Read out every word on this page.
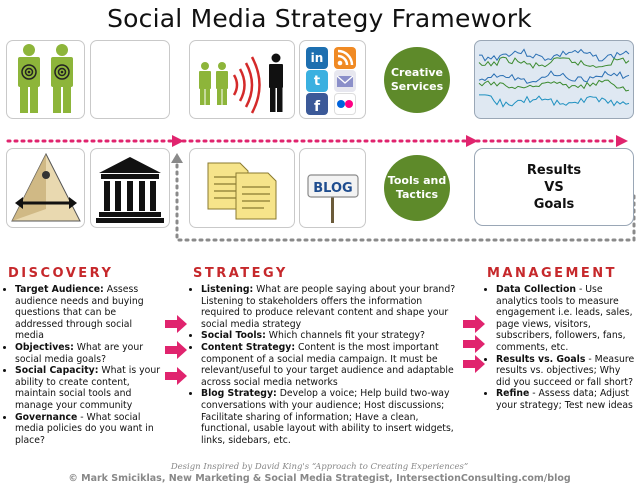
Social Media Strategy Framework
in
t
f
Creative Services
BLOG
Tools and Tactics
Results VS Goals
DISCOVERY	STRATEGY	MANAGEMENT
• Target Audience: Assess audience needs and buying questions that can be addressed through social media
• Objectives: What are your social media goals?
• Social Capacity: What is your ability to create content, maintain social tools and manage your community
• Governance - What social media policies do you want in place?
• Listening: What are people saying about your brand? Listening to stakeholders offers the information required to produce relevant content and shape your social media strategy
• Social Tools: Which channels fit your strategy?
• Content Strategy: Content is the most important component of a social media campaign. It must be relevant/useful to your target audience and adaptable across social media networks
• Blog Strategy: Develop a voice; Help build two-way conversations with your audience; Host discussions; Facilitate sharing of information; Have a clean, functional, usable layout with ability to insert widgets, links, sidebars, etc.
• Data Collection - Use analytics tools to measure engagement i.e. leads, sales, page views, visitors, subscribers, followers, fans, comments, etc.
• Results vs. Goals - Measure results vs. objectives; Why did you succeed or fall short?
• Refine - Assess data; Adjust your strategy; Test new ideas
Design Inspired by David King's “Approach to Creating Experiences”
© Mark Smiciklas, New Marketing & Social Media Strategist, IntersectionConsulting.com/blog
